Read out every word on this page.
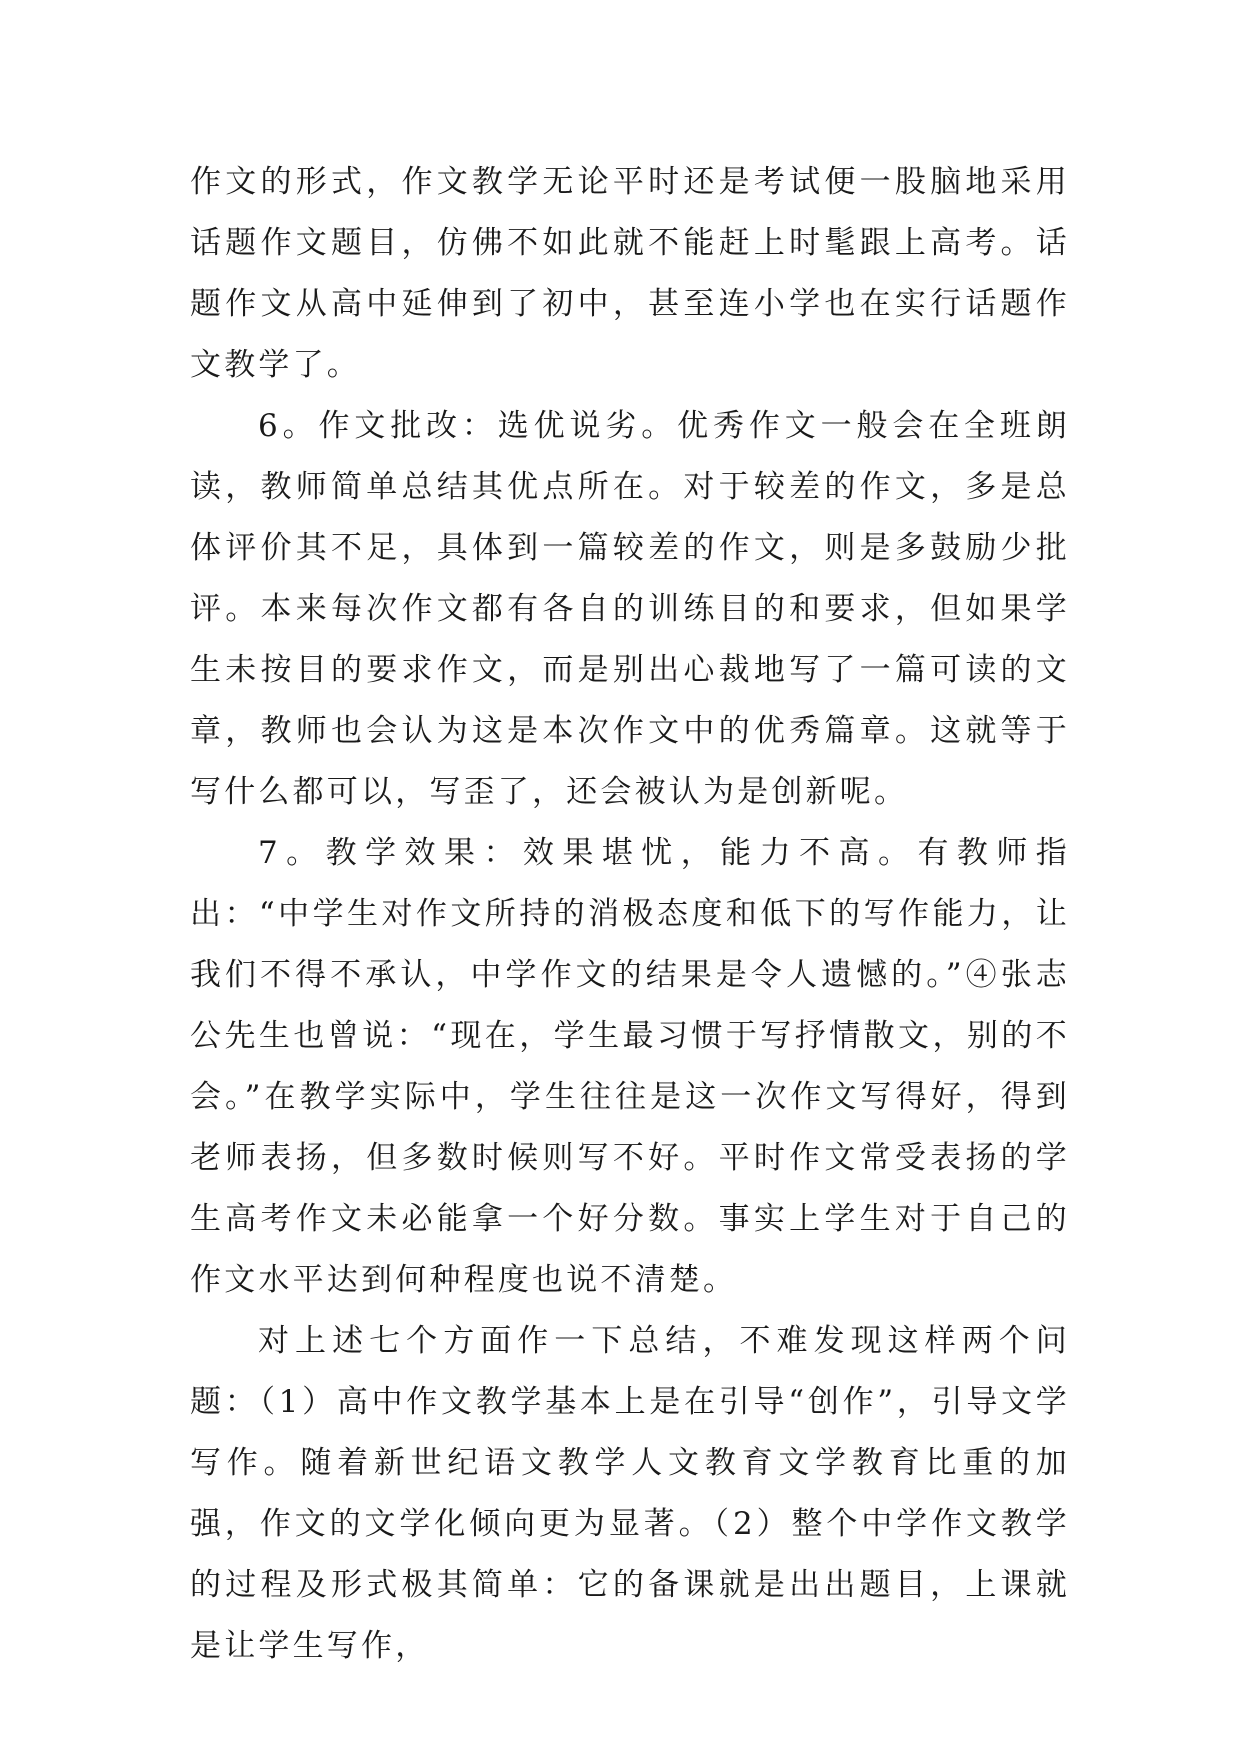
作文的形式，作文教学无论平时还是考试便一股脑地采用话题作文题目，仿佛不如此就不能赶上时髦跟上高考。话题作文从高中延伸到了初中，甚至连小学也在实行话题作文教学了。

6。作文批改：选优说劣。优秀作文一般会在全班朗读，教师简单总结其优点所在。对于较差的作文，多是总体评价其不足，具体到一篇较差的作文，则是多鼓励少批评。本来每次作文都有各自的训练目的和要求，但如果学生未按目的要求作文，而是别出心裁地写了一篇可读的文章，教师也会认为这是本次作文中的优秀篇章。这就等于写什么都可以，写歪了，还会被认为是创新呢。

7。教学效果：效果堪忧，能力不高。有教师指出：“中学生对作文所持的消极态度和低下的写作能力，让我们不得不承认，中学作文的结果是令人遗憾的。”④张志公先生也曾说：“现在，学生最习惯于写抒情散文，别的不会。”在教学实际中，学生往往是这一次作文写得好，得到老师表扬，但多数时候则写不好。平时作文常受表扬的学生高考作文未必能拿一个好分数。事实上学生对于自己的作文水平达到何种程度也说不清楚。

对上述七个方面作一下总结，不难发现这样两个问题：（1）高中作文教学基本上是在引导“创作”，引导文学写作。随着新世纪语文教学人文教育文学教育比重的加强，作文的文学化倾向更为显著。（2）整个中学作文教学的过程及形式极其简单：它的备课就是出出题目，上课就是让学生写作，
